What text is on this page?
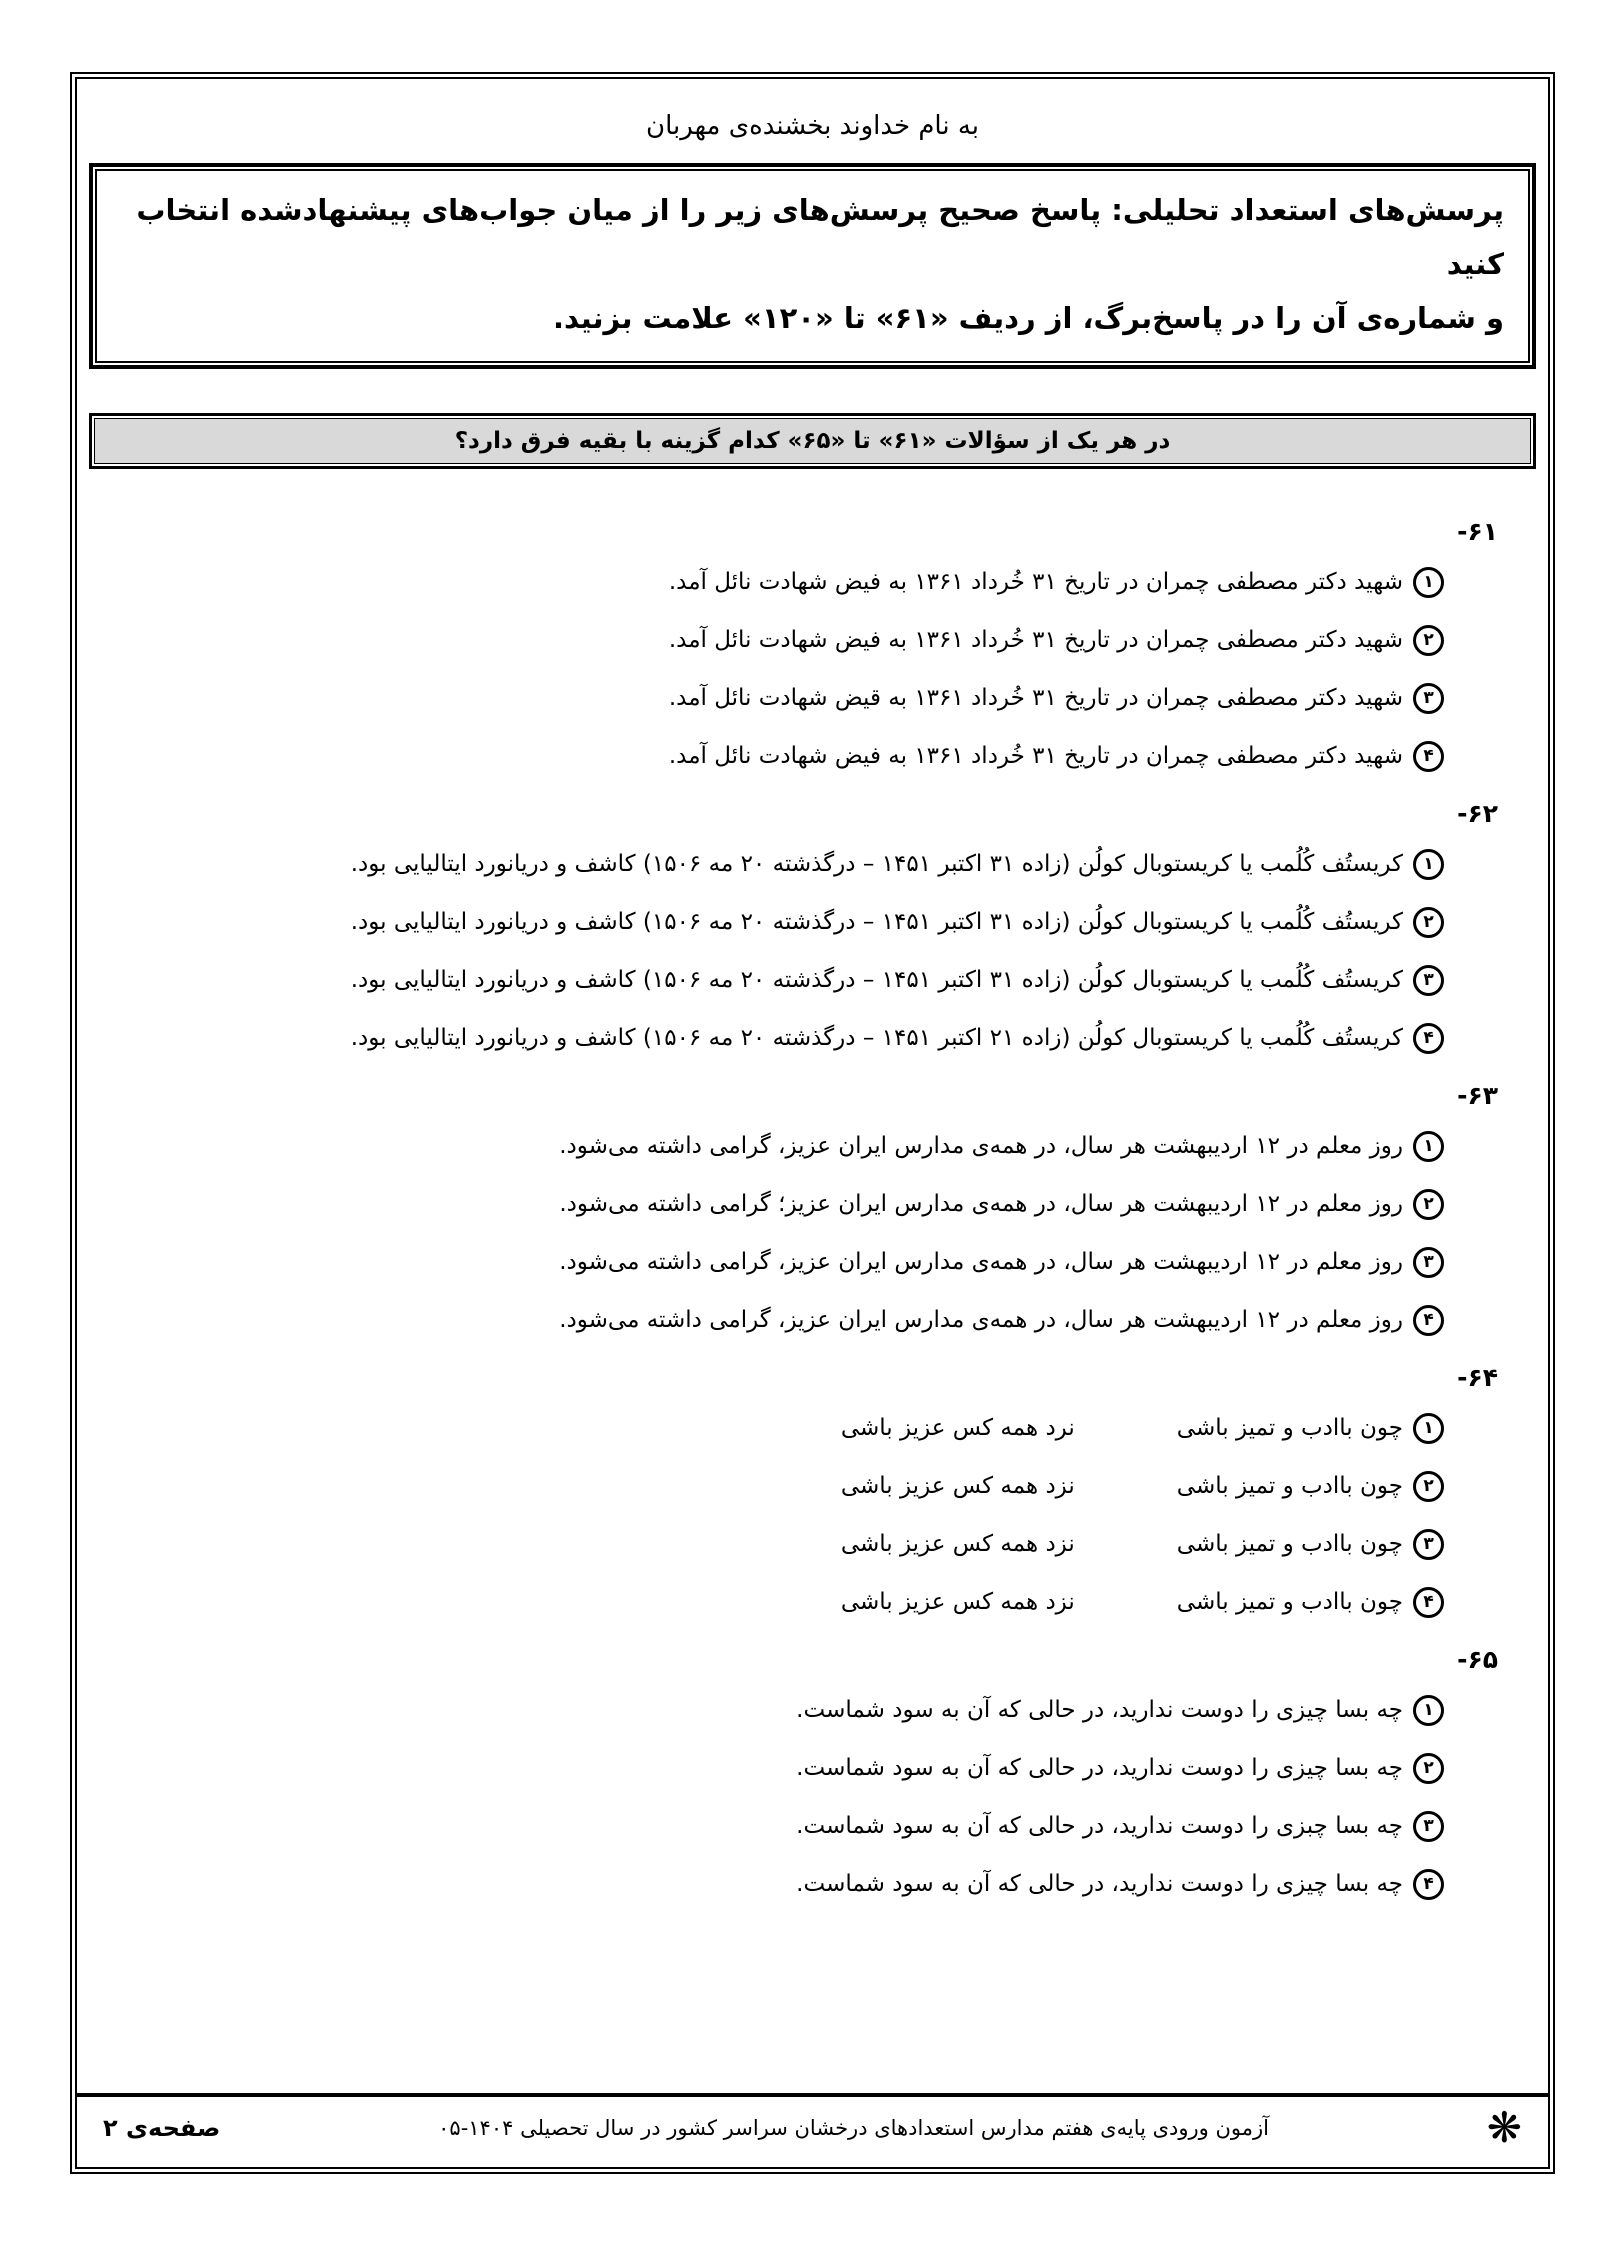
به نام خداوند بخشنده‌ی مهربان
پرسش‌های استعداد تحلیلی: پاسخ صحیح پرسش‌های زیر را از میان جواب‌های پیشنهادشده انتخاب کنید
و شماره‌ی آن را در پاسخ‌برگ، از ردیف «۶۱» تا «۱۲۰» علامت بزنید.
در هر یک از سؤالات «۶۱» تا «۶۵» کدام گزینه با بقیه فرق دارد؟
۶۱-
۱
شهید دکتر مصطفی چمران در تاریخ ۳۱ خُرداد ۱۳۶۱ به فیض شهادت نائل آمد.
۲
شهید دکتر مصطفی چمران در تاریخ ۳۱ خُرداد ۱۳۶۱ به فیض شهادت نائل آمد.
۳
شهید دکتر مصطفی چمران در تاریخ ۳۱ خُرداد ۱۳۶۱ به قیض شهادت نائل آمد.
۴
شهید دکتر مصطفی چمران در تاریخ ۳۱ خُرداد ۱۳۶۱ به فیض شهادت نائل آمد.
۶۲-
۱
کریستُف کُلُمب یا کریستوبال کولُن (زاده ۳۱ اکتبر ۱۴۵۱ – درگذشته ۲۰ مه ۱۵۰۶) کاشف و دریانورد ایتالیایی بود.
۲
کریستُف کُلُمب یا کریستوبال کولُن (زاده ۳۱ اکتبر ۱۴۵۱ – درگذشته ۲۰ مه ۱۵۰۶) کاشف و دریانورد ایتالیایی بود.
۳
کریستُف کُلُمب یا کریستوبال کولُن (زاده ۳۱ اکتبر ۱۴۵۱ – درگذشته ۲۰ مه ۱۵۰۶) کاشف و دریانورد ایتالیایی بود.
۴
کریستُف کُلُمب یا کریستوبال کولُن (زاده ۲۱ اکتبر ۱۴۵۱ – درگذشته ۲۰ مه ۱۵۰۶) کاشف و دریانورد ایتالیایی بود.
۶۳-
۱
روز معلم در ۱۲ اردیبهشت هر سال، در همه‌ی مدارس ایران عزیز، گرامی داشته می‌شود.
۲
روز معلم در ۱۲ اردیبهشت هر سال، در همه‌ی مدارس ایران عزیز؛ گرامی داشته می‌شود.
۳
روز معلم در ۱۲ اردیبهشت هر سال، در همه‌ی مدارس ایران عزیز، گرامی داشته می‌شود.
۴
روز معلم در ۱۲ اردیبهشت هر سال، در همه‌ی مدارس ایران عزیز، گرامی داشته می‌شود.
۶۴-
۱
چون باادب و تمیز باشی
نرد همه کس عزیز باشی
۲
چون باادب و تمیز باشی
نزد همه کس عزیز باشی
۳
چون باادب و تمیز باشی
نزد همه کس عزیز باشی
۴
چون باادب و تمیز باشی
نزد همه کس عزیز باشی
۶۵-
۱
چه بسا چیزی را دوست ندارید، در حالی که آن به سود شماست.
۲
چه بسا چیزی را دوست ندارید، در حالی که آن به سود شماست.
۳
چه بسا چبزی را دوست ندارید، در حالی که آن به سود شماست.
۴
چه بسا چیزی را دوست ندارید، در حالی که آن به سود شماست.
❋
آزمون ورودی پایه‌ی هفتم مدارس استعدادهای درخشان سراسر کشور در سال تحصیلی ۱۴۰۴-۰۵
صفحه‌ی ۲
